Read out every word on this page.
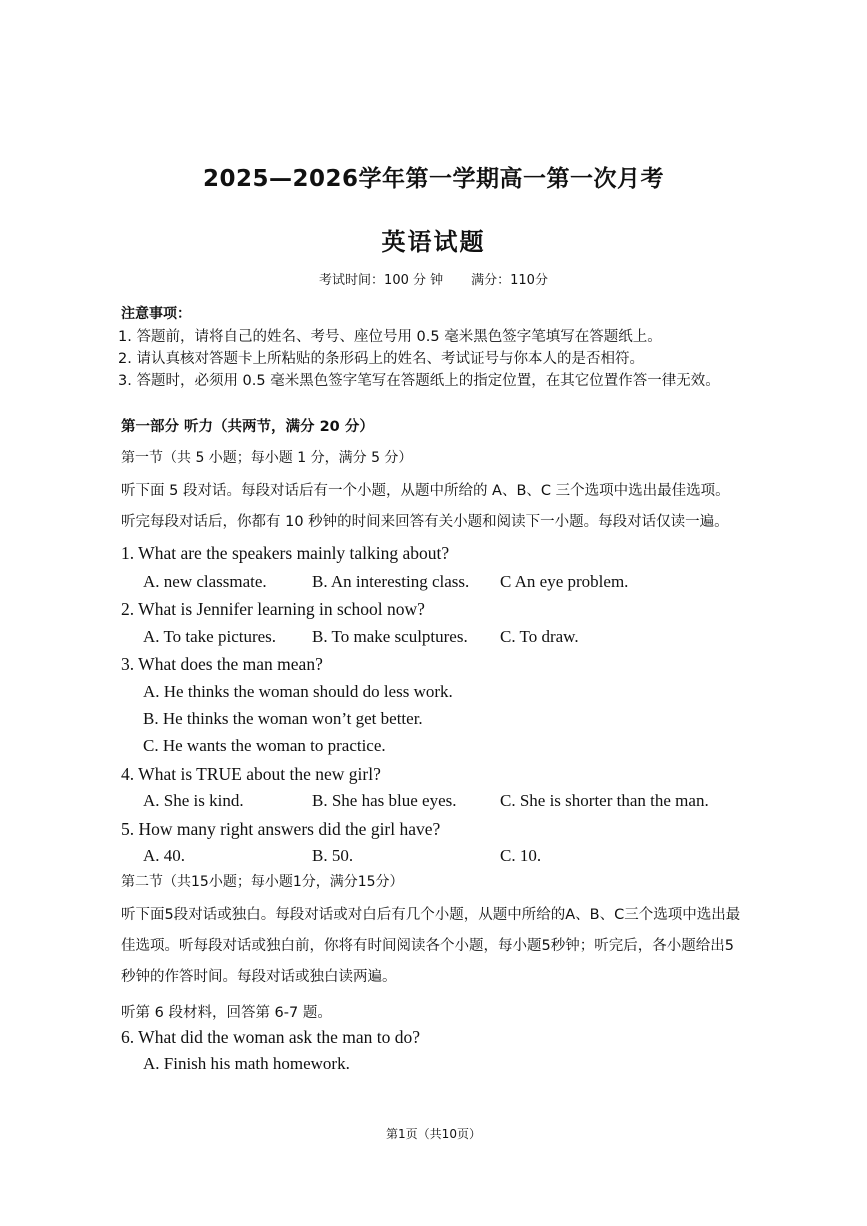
2025—2026学年第一学期高一第一次月考
英语试题
考试时间：100 分 钟 满分：110分
注意事项：
1. 答题前，请将自己的姓名、考号、座位号用 0.5 毫米黑色签字笔填写在答题纸上。
2. 请认真核对答题卡上所粘贴的条形码上的姓名、考试证号与你本人的是否相符。
3. 答题时，必须用 0.5 毫米黑色签字笔写在答题纸上的指定位置，在其它位置作答一律无效。
第一部分 听力（共两节，满分 20 分）
第一节（共 5 小题；每小题 1 分，满分 5 分）
听下面 5 段对话。每段对话后有一个小题，从题中所给的 A、B、C 三个选项中选出最佳选项。
听完每段对话后，你都有 10 秒钟的时间来回答有关小题和阅读下一小题。每段对话仅读一遍。
1. What are the speakers mainly talking about?
A. new classmate.	B. An interesting class. C An eye problem.
2. What is Jennifer learning in school now?
A. To take pictures. B. To make sculptures. C. To draw.
3. What does the man mean?
A. He thinks the woman should do less work.
B. He thinks the woman won’t get better.
C. He wants the woman to practice.
4. What is TRUE about the new girl?
A. She is kind.	B. She has blue eyes.	C. She is shorter than the man.
5. How many right answers did the girl have?
A. 40.	B. 50.	C. 10.
第二节（共15小题；每小题1分，满分15分）
听下面5段对话或独白。每段对话或对白后有几个小题，从题中所给的A、B、C三个选项中选出最
佳选项。听每段对话或独白前，你将有时间阅读各个小题，每小题5秒钟；听完后，各小题给出5
秒钟的作答时间。每段对话或独白读两遍。
听第 6 段材料，回答第 6-7 题。
6. What did the woman ask the man to do?
A. Finish his math homework.
第1页（共10页）
